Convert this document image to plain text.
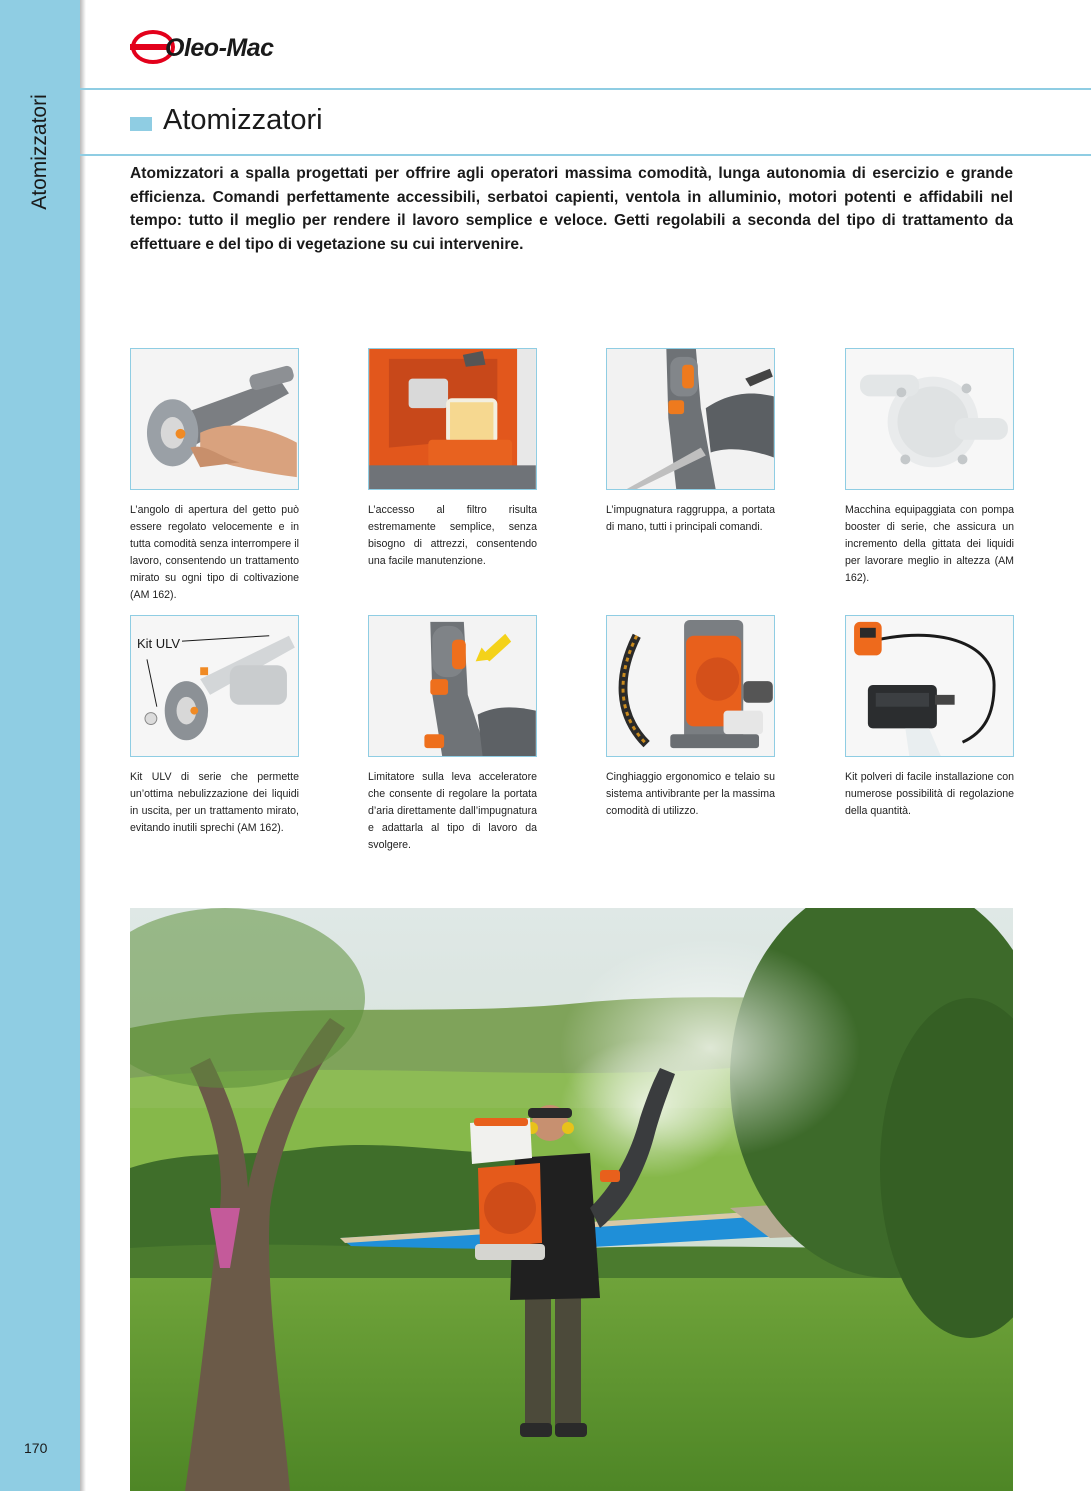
Atomizzatori
170
Oleo-Mac
Atomizzatori

Atomizzatori a spalla progettati per offrire agli operatori massima comodità, lunga autonomia di esercizio e grande efficienza. Comandi perfettamente accessibili, serbatoi capienti, ventola in alluminio, motori potenti e affidabili nel tempo: tutto il meglio per rendere il lavoro semplice e veloce. Getti regolabili a seconda del tipo di trattamento da effettuare e del tipo di vegetazione su cui intervenire.

L’angolo di apertura del getto può essere regolato velocemente e in tutta comodità senza interrompere il lavoro, consentendo un trattamento mirato su ogni tipo di coltivazione (AM 162).

L’accesso al filtro risulta estremamente semplice, senza bisogno di attrezzi, consentendo una facile manutenzione.

L’impugnatura raggruppa, a portata di mano, tutti i principali comandi.

Macchina equipaggiata con pompa booster di serie, che assicura un incremento della gittata dei liquidi per lavorare meglio in altezza (AM 162).

Kit ULV

Kit ULV di serie che permette un’ottima nebulizzazione dei liquidi in uscita, per un trattamento mirato, evitando inutili sprechi (AM 162).

Limitatore sulla leva acceleratore che consente di regolare la portata d’aria direttamente dall’impugnatura e adattarla al tipo di lavoro da svolgere.

Cinghiaggio ergonomico e telaio su sistema antivibrante per la massima comodità di utilizzo.

Kit polveri di facile installazione con numerose possibilità di regolazione della quantità.
